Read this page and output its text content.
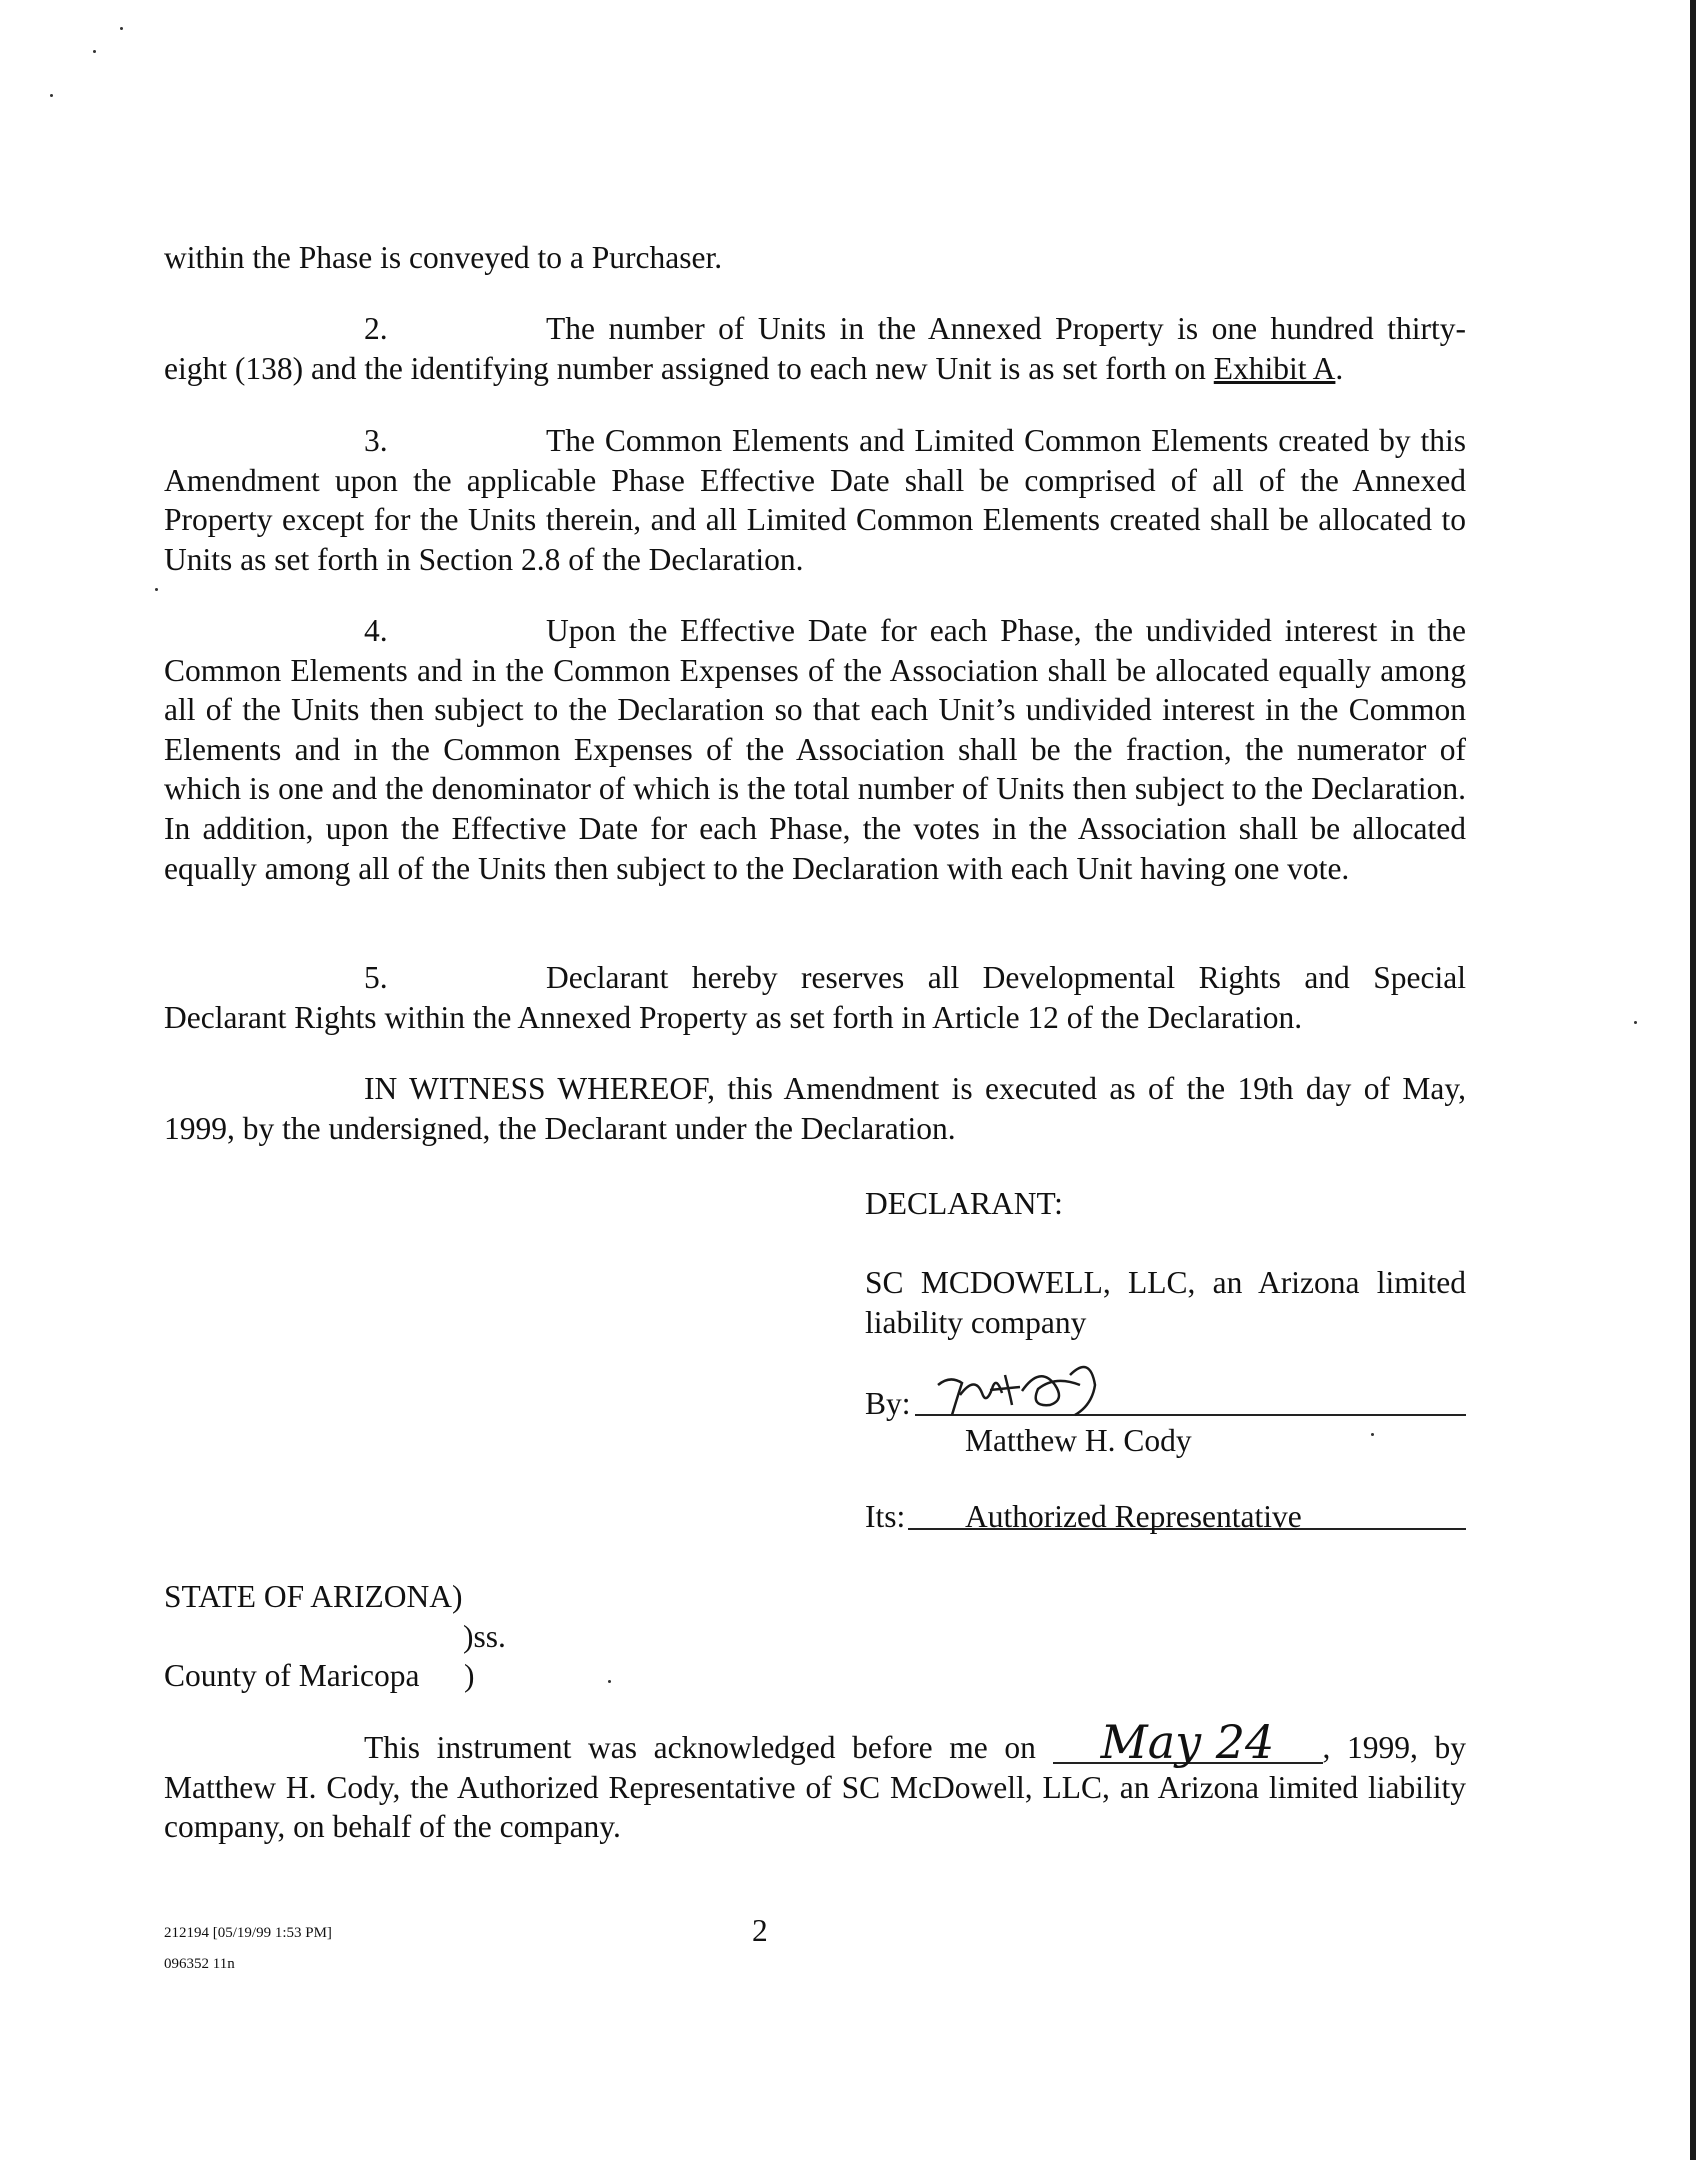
within the Phase is conveyed to a Purchaser.
2.	The number of Units in the Annexed Property is one hundred thirty-eight (138) and the identifying number assigned to each new Unit is as set forth on Exhibit A.
3.	The Common Elements and Limited Common Elements created by this Amendment upon the applicable Phase Effective Date shall be comprised of all of the Annexed Property except for the Units therein, and all Limited Common Elements created shall be allocated to Units as set forth in Section 2.8 of the Declaration.
4.	Upon the Effective Date for each Phase, the undivided interest in the Common Elements and in the Common Expenses of the Association shall be allocated equally among all of the Units then subject to the Declaration so that each Unit’s undivided interest in the Common Elements and in the Common Expenses of the Association shall be the fraction, the numerator of which is one and the denominator of which is the total number of Units then subject to the Declaration. In addition, upon the Effective Date for each Phase, the votes in the Association shall be allocated equally among all of the Units then subject to the Declaration with each Unit having one vote.
5.	Declarant hereby reserves all Developmental Rights and Special Declarant Rights within the Annexed Property as set forth in Article 12 of the Declaration.
IN WITNESS WHEREOF, this Amendment is executed as of the 19th day of May, 1999, by the undersigned, the Declarant under the Declaration.
DECLARANT:
SC MCDOWELL, LLC, an Arizona limited liability company
By:
Matthew H. Cody
Its:	Authorized Representative
STATE OF ARIZONA)
)ss.
County of Maricopa	)
This instrument was acknowledged before me on May 24 , 1999, by Matthew H. Cody, the Authorized Representative of SC McDowell, LLC, an Arizona limited liability company, on behalf of the company.
212194 [05/19/99 1:53 PM]
096352 11n
2
